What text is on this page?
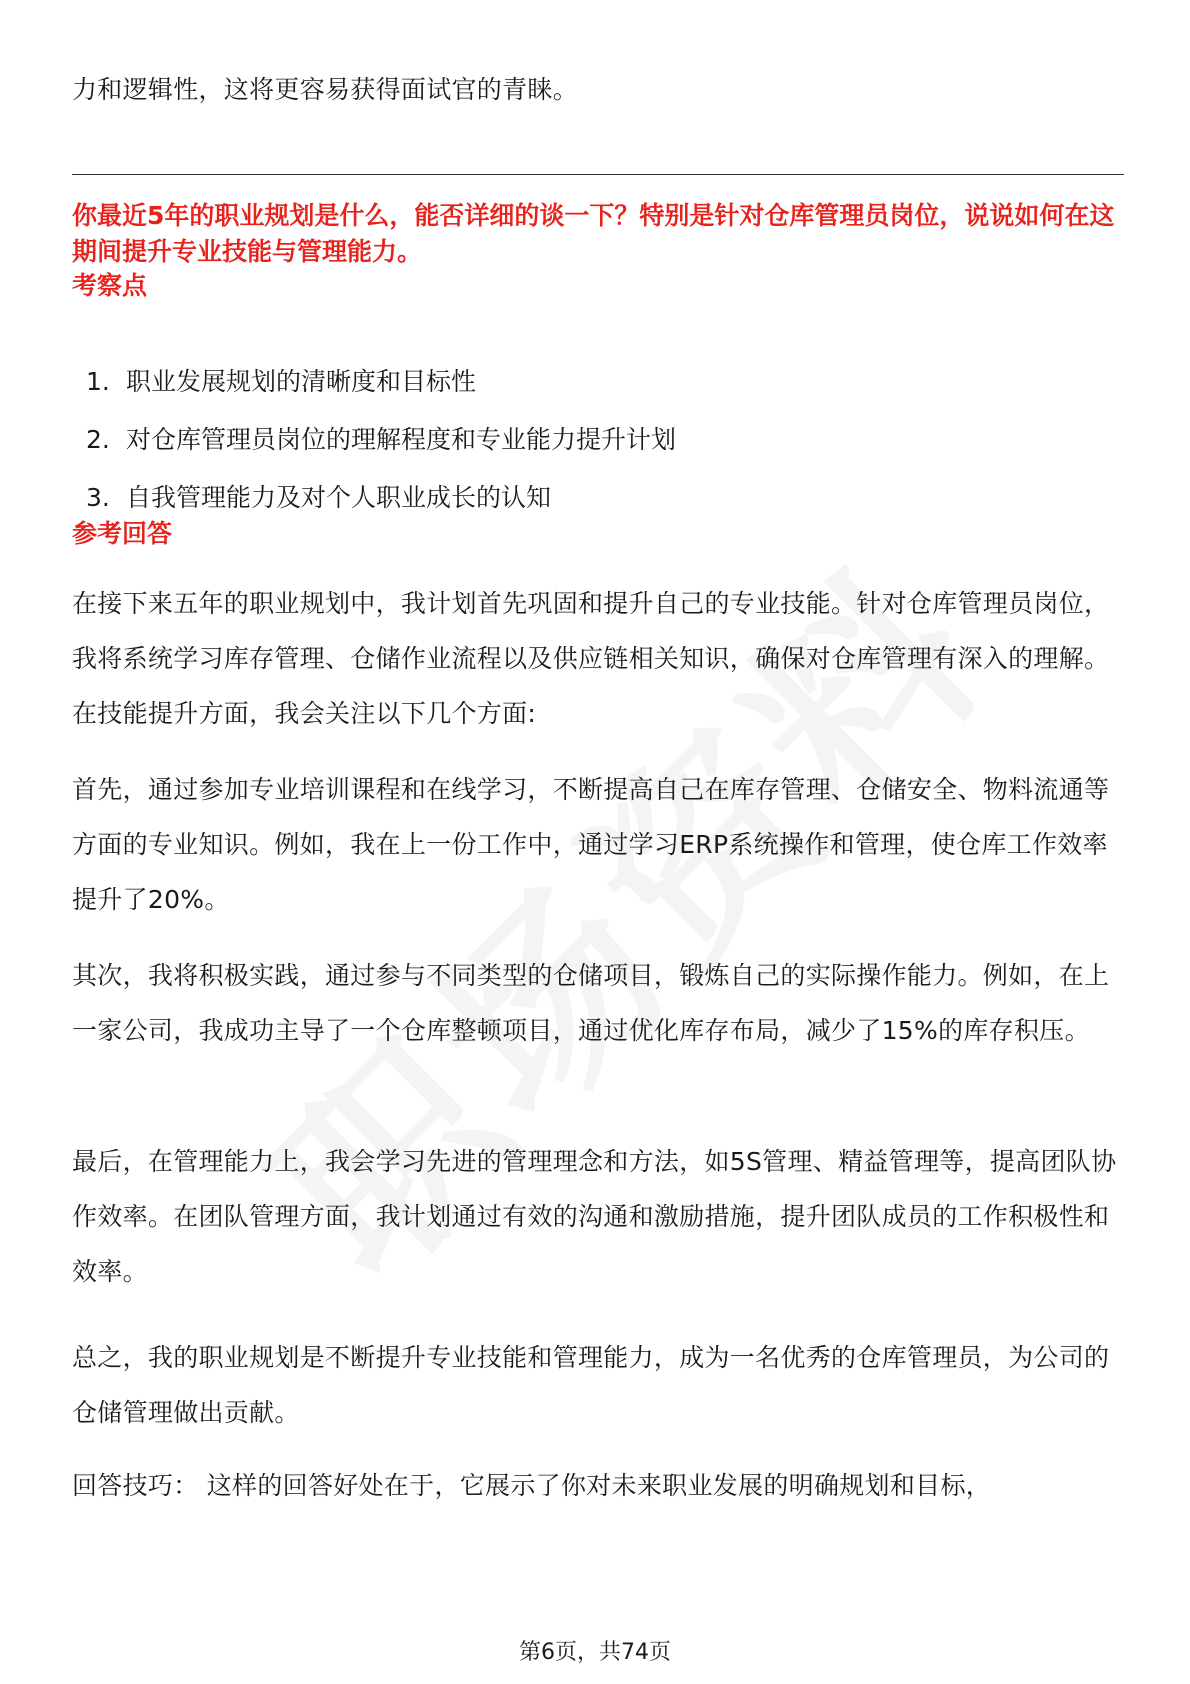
力和逻辑性，这将更容易获得面试官的青睐。

你最近5年的职业规划是什么，能否详细的谈一下？特别是针对仓库管理员岗位，说说如何在这期间提升专业技能与管理能力。

考察点

1. 职业发展规划的清晰度和目标性
2. 对仓库管理员岗位的理解程度和专业能力提升计划
3. 自我管理能力及对个人职业成长的认知

参考回答

在接下来五年的职业规划中，我计划首先巩固和提升自己的专业技能。针对仓库管理员岗位，我将系统学习库存管理、仓储作业流程以及供应链相关知识，确保对仓库管理有深入的理解。在技能提升方面，我会关注以下几个方面:

首先，通过参加专业培训课程和在线学习，不断提高自己在库存管理、仓储安全、物料流通等方面的专业知识。例如，我在上一份工作中，通过学习ERP系统操作和管理，使仓库工作效率提升了20%。

其次，我将积极实践，通过参与不同类型的仓储项目，锻炼自己的实际操作能力。例如，在上一家公司，我成功主导了一个仓库整顿项目，通过优化库存布局，减少了15%的库存积压。

最后，在管理能力上，我会学习先进的管理理念和方法，如5S管理、精益管理等，提高团队协作效率。在团队管理方面，我计划通过有效的沟通和激励措施，提升团队成员的工作积极性和效率。

总之，我的职业规划是不断提升专业技能和管理能力，成为一名优秀的仓库管理员，为公司的仓储管理做出贡献。

回答技巧： 这样的回答好处在于，它展示了你对未来职业发展的明确规划和目标，

第6页，共74页
